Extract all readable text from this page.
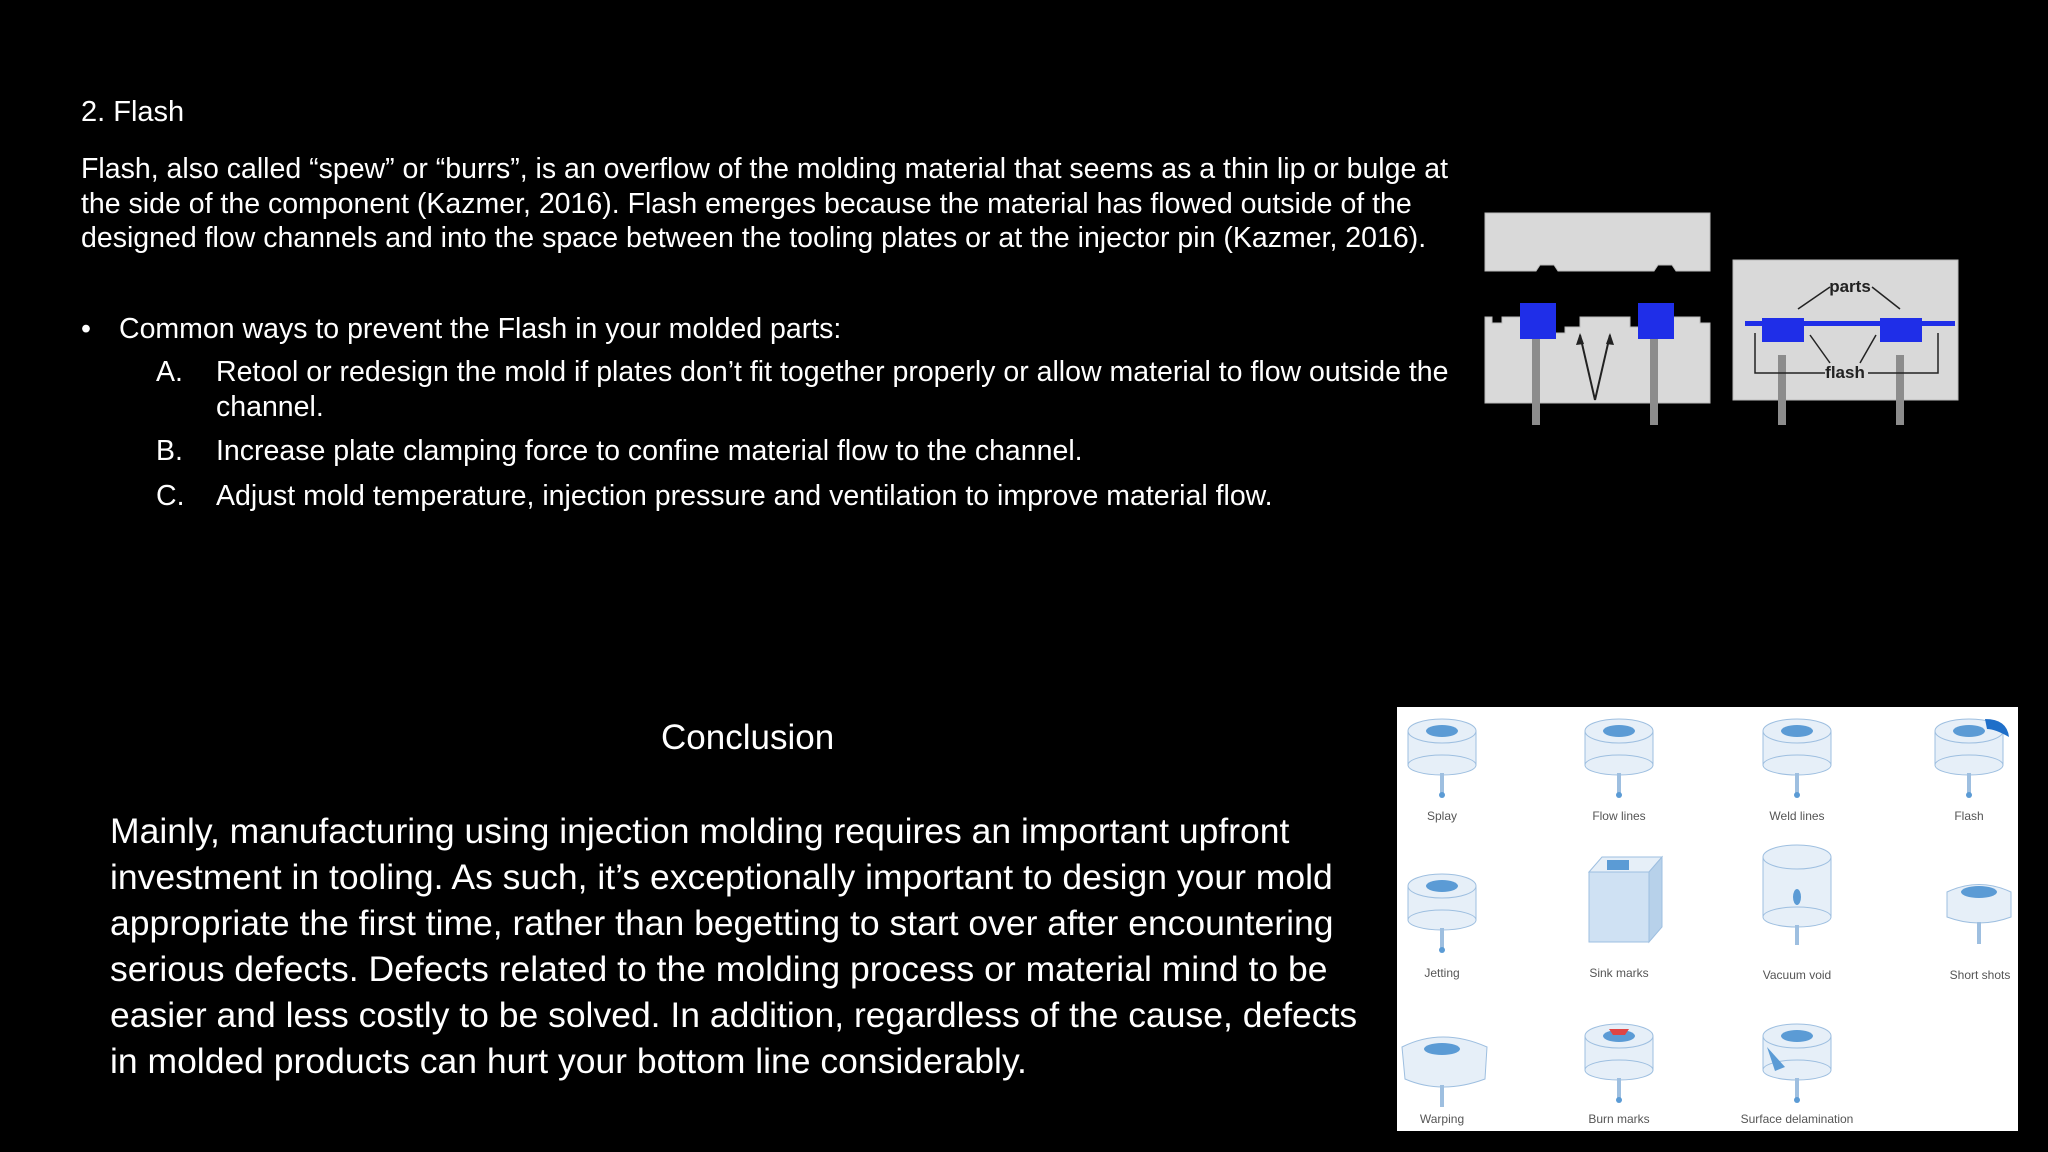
2. Flash
Flash, also called “spew” or “burrs”, is an overflow of the molding material that seems as a thin lip or bulge at the side of the component (Kazmer, 2016). Flash emerges because the material has flowed outside of the designed flow channels and into the space between the tooling plates or at the injector pin (Kazmer, 2016).
• Common ways to prevent the Flash in your molded parts:
A. Retool or redesign the mold if plates don’t fit together properly or allow material to flow outside the channel.
B. Increase plate clamping force to confine material flow to the channel.
C. Adjust mold temperature, injection pressure and ventilation to improve material flow.
parts
flash
Conclusion
Mainly, manufacturing using injection molding requires an important upfront investment in tooling. As such, it’s exceptionally important to design your mold appropriate the first time, rather than begetting to start over after encountering serious defects. Defects related to the molding process or material mind to be easier and less costly to be solved. In addition, regardless of the cause, defects in molded products can hurt your bottom line considerably.
Splay	Flow lines	Weld lines	Flash
Jetting	Sink marks	Vacuum void	Short shots
Warping	Burn marks	Surface delamination
